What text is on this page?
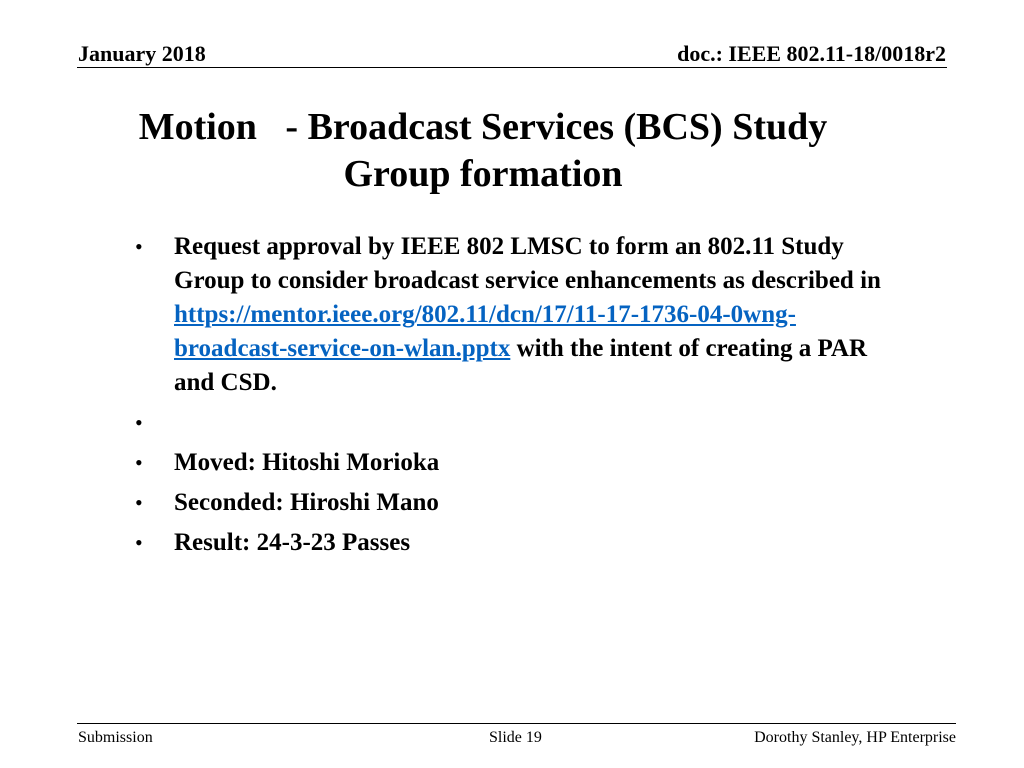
January 2018	doc.: IEEE 802.11-18/0018r2
Motion   - Broadcast Services (BCS) Study
Group formation
• Request approval by IEEE 802 LMSC to form an 802.11 Study Group to consider broadcast service enhancements as described in https://mentor.ieee.org/802.11/dcn/17/11-17-1736-04-0wng-broadcast-service-on-wlan.pptx with the intent of creating a PAR and CSD.
•
• Moved: Hitoshi Morioka
• Seconded: Hiroshi Mano
• Result: 24-3-23 Passes
Submission	Slide 19	Dorothy Stanley, HP Enterprise
